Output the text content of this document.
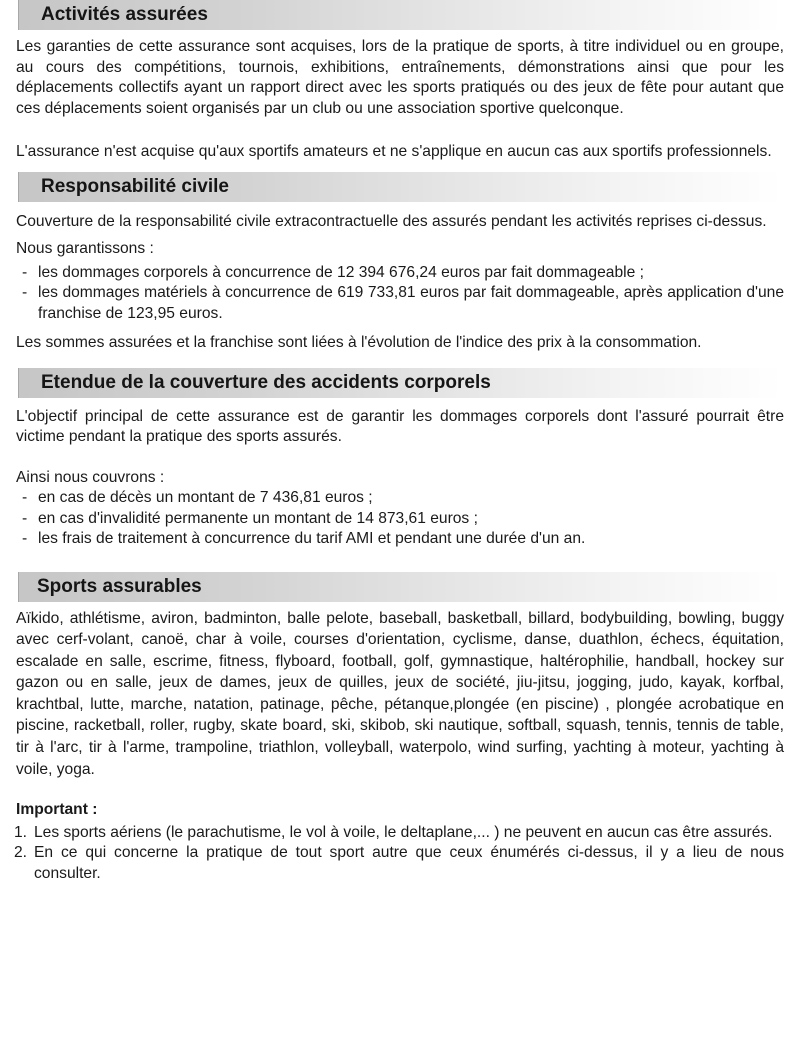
Activités assurées

Les garanties de cette assurance sont acquises, lors de la pratique de sports, à titre individuel ou en groupe, au cours des compétitions, tournois, exhibitions, entraînements, démonstrations ainsi que pour les déplacements collectifs ayant un rapport direct avec les sports pratiqués ou des jeux de fête pour autant que ces déplacements soient organisés par un club ou une association sportive quelconque.

L'assurance n'est acquise qu'aux sportifs amateurs et ne s'applique en aucun cas aux sportifs professionnels.

Responsabilité civile

Couverture de la responsabilité civile extracontractuelle des assurés pendant les activités reprises ci-dessus.

Nous garantissons :

- les dommages corporels à concurrence de 12 394 676,24 euros par fait dommageable ;
- les dommages matériels à concurrence de 619 733,81 euros par fait dommageable, après application d'une franchise de 123,95 euros.

Les sommes assurées et la franchise sont liées à l'évolution de l'indice des prix à la consommation.

Etendue de la couverture des accidents corporels

L'objectif principal de cette assurance est de garantir les dommages corporels dont l'assuré pourrait être victime pendant la pratique des sports assurés.

Ainsi nous couvrons :

- en cas de décès un montant de 7 436,81 euros ;
- en cas d'invalidité permanente un montant de 14 873,61 euros ;
- les frais de traitement à concurrence du tarif AMI et pendant une durée d'un an.
Sports assurables

Aïkido, athlétisme, aviron, badminton, balle pelote, baseball, basketball, billard, bodybuilding, bowling, buggy avec cerf-volant, canoë, char à voile, courses d'orientation, cyclisme, danse, duathlon, échecs, équitation, escalade en salle, escrime, fitness, flyboard, football, golf, gymnastique, haltérophilie, handball, hockey sur gazon ou en salle, jeux de dames, jeux de quilles, jeux de société, jiu-jitsu, jogging, judo, kayak, korfbal, krachtbal, lutte, marche, natation, patinage, pêche, pétanque,plongée (en piscine) , plongée acrobatique en piscine, racketball, roller, rugby, skate board, ski, skibob, ski nautique, softball, squash, tennis, tennis de table, tir à l'arc, tir à l'arme, trampoline, triathlon, volleyball, waterpolo, wind surfing, yachting à moteur, yachting à voile, yoga.

Important :

1. Les sports aériens (le parachutisme, le vol à voile, le deltaplane,... ) ne peuvent en aucun cas être assurés.
2. En ce qui concerne la pratique de tout sport autre que ceux énumérés ci-dessus, il y a lieu de nous consulter.
